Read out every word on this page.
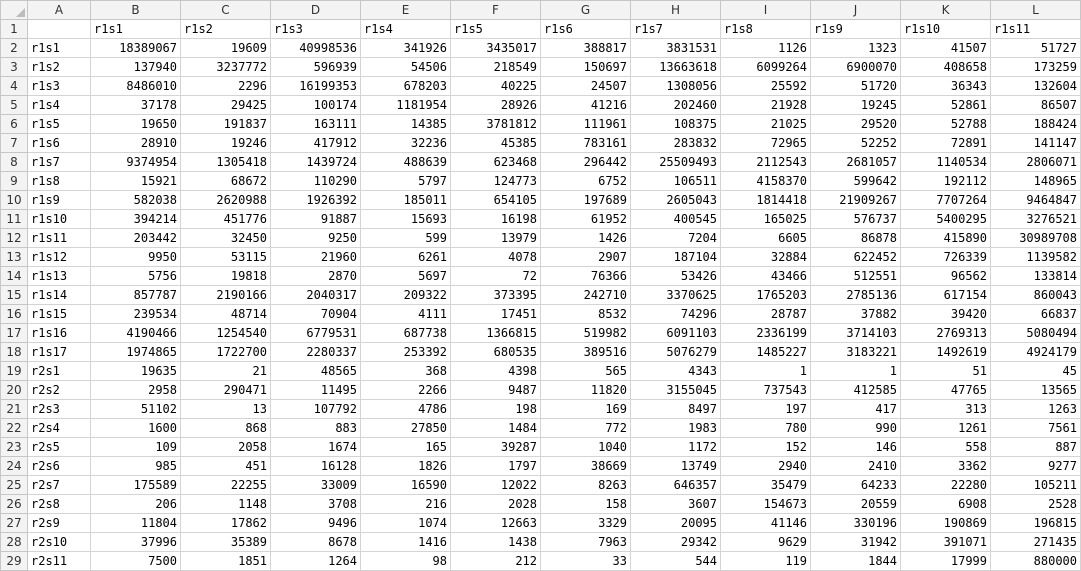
	A	B	C	D	E	F	G	H	I	J	K	L
1		r1s1	r1s2	r1s3	r1s4	r1s5	r1s6	r1s7	r1s8	r1s9	r1s10	r1s11
2	r1s1	18389067	19609	40998536	341926	3435017	388817	3831531	1126	1323	41507	51727
3	r1s2	137940	3237772	596939	54506	218549	150697	13663618	6099264	6900070	408658	173259
4	r1s3	8486010	2296	16199353	678203	40225	24507	1308056	25592	51720	36343	132604
5	r1s4	37178	29425	100174	1181954	28926	41216	202460	21928	19245	52861	86507
6	r1s5	19650	191837	163111	14385	3781812	111961	108375	21025	29520	52788	188424
7	r1s6	28910	19246	417912	32236	45385	783161	283832	72965	52252	72891	141147
8	r1s7	9374954	1305418	1439724	488639	623468	296442	25509493	2112543	2681057	1140534	2806071
9	r1s8	15921	68672	110290	5797	124773	6752	106511	4158370	599642	192112	148965
10	r1s9	582038	2620988	1926392	185011	654105	197689	2605043	1814418	21909267	7707264	9464847
11	r1s10	394214	451776	91887	15693	16198	61952	400545	165025	576737	5400295	3276521
12	r1s11	203442	32450	9250	599	13979	1426	7204	6605	86878	415890	30989708
13	r1s12	9950	53115	21960	6261	4078	2907	187104	32884	622452	726339	1139582
14	r1s13	5756	19818	2870	5697	72	76366	53426	43466	512551	96562	133814
15	r1s14	857787	2190166	2040317	209322	373395	242710	3370625	1765203	2785136	617154	860043
16	r1s15	239534	48714	70904	4111	17451	8532	74296	28787	37882	39420	66837
17	r1s16	4190466	1254540	6779531	687738	1366815	519982	6091103	2336199	3714103	2769313	5080494
18	r1s17	1974865	1722700	2280337	253392	680535	389516	5076279	1485227	3183221	1492619	4924179
19	r2s1	19635	21	48565	368	4398	565	4343	1	1	51	45
20	r2s2	2958	290471	11495	2266	9487	11820	3155045	737543	412585	47765	13565
21	r2s3	51102	13	107792	4786	198	169	8497	197	417	313	1263
22	r2s4	1600	868	883	27850	1484	772	1983	780	990	1261	7561
23	r2s5	109	2058	1674	165	39287	1040	1172	152	146	558	887
24	r2s6	985	451	16128	1826	1797	38669	13749	2940	2410	3362	9277
25	r2s7	175589	22255	33009	16590	12022	8263	646357	35479	64233	22280	105211
26	r2s8	206	1148	3708	216	2028	158	3607	154673	20559	6908	2528
27	r2s9	11804	17862	9496	1074	12663	3329	20095	41146	330196	190869	196815
28	r2s10	37996	35389	8678	1416	1438	7963	29342	9629	31942	391071	271435
29	r2s11	7500	1851	1264	98	212	33	544	119	1844	17999	880000
